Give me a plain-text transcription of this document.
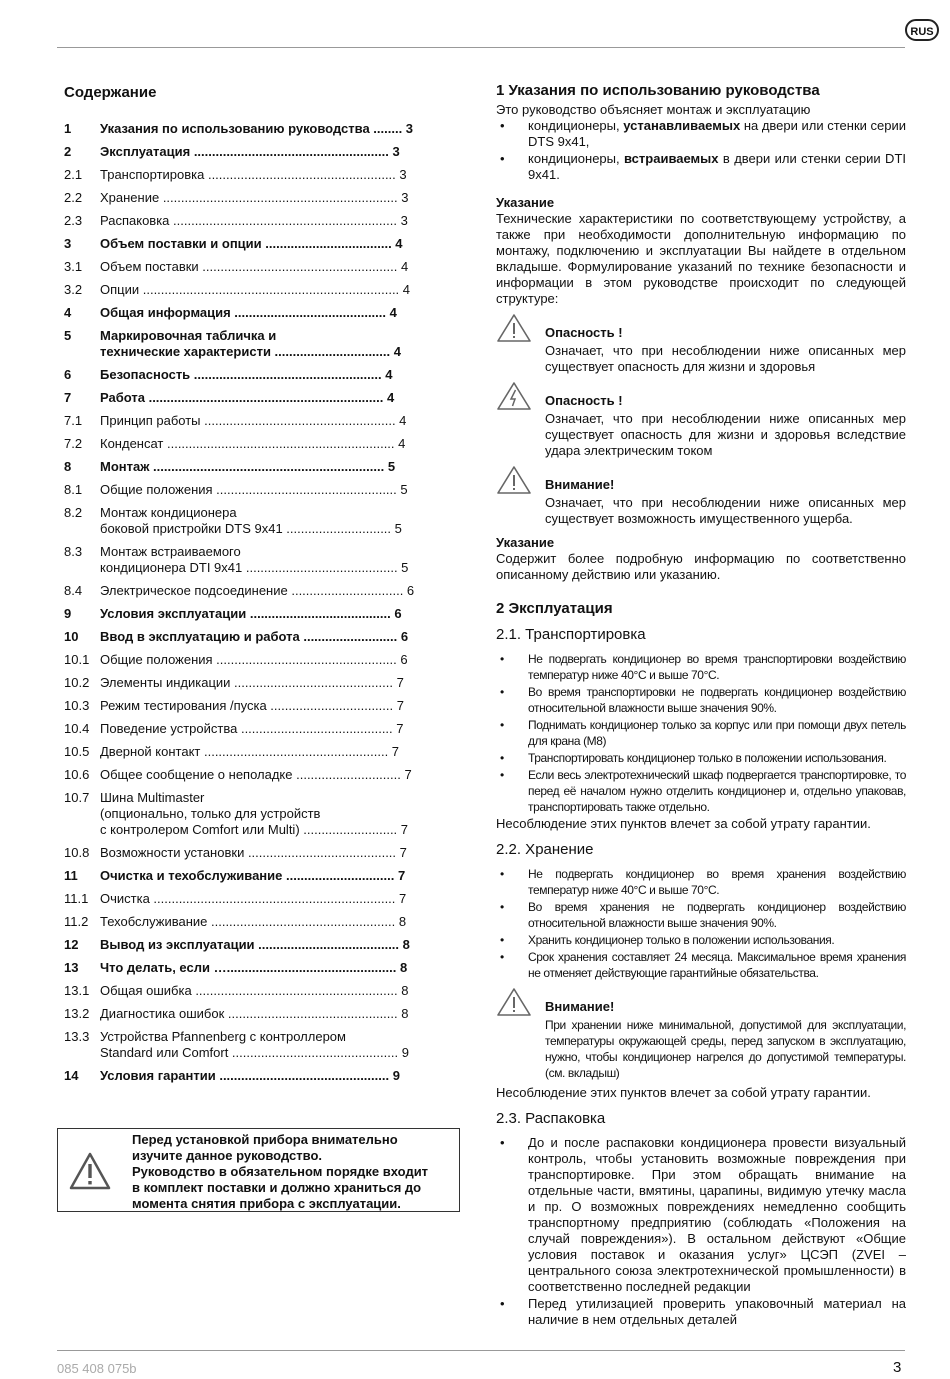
RUS
Содержание
1	Указания по использованию руководства ........ 3
2	Эксплуатация ...................................................... 3
2.1	Транспортировка .................................................... 3
2.2	Хранение ................................................................. 3
2.3	Распаковка .............................................................. 3
3	Объем поставки и опции ................................... 4
3.1	Объем поставки ...................................................... 4
3.2	Опции ....................................................................... 4
4	Общая информация .......................................... 4
5	Маркировочная табличка и
технические характеристи ................................ 4
6	Безопасность .................................................... 4
7	Работа ................................................................. 4
7.1	Принцип работы ..................................................... 4
7.2	Конденсат ............................................................... 4
8	Монтаж ................................................................ 5
8.1	Общие положения .................................................. 5
8.2	Монтаж кондиционера
боковой пристройки DTS 9x41 ............................. 5
8.3	Монтаж встраиваемого
кондиционера DTI 9x41 .......................................... 5
8.4	Электрическое подсоединение ............................... 6
9	Условия эксплуатации ....................................... 6
10	Ввод в эксплуатацию и работа .......................... 6
10.1 Общие положения .................................................. 6
10.2 Элементы индикации ............................................ 7
10.3 Режим тестирования /пуска .................................. 7
10.4 Поведение устройства .......................................... 7
10.5 Дверной контакт ................................................... 7
10.6 Общее сообщение о неполадке ............................. 7
10.7 Шина Multimaster
(опционально, только для устройств
с контролером Comfort или Multi) .......................... 7
10.8 Возможности установки ......................................... 7
11	Очистка и техобслуживание .............................. 7
11.1 Очистка ................................................................... 7
11.2 Техобслуживание ................................................... 8
12	Вывод из эксплуатации ....................................... 8
13	Что делать, если …............................................... 8
13.1 Общая ошибка ........................................................ 8
13.2 Диагностика ошибок ............................................... 8
13.3 Устройства Pfannenberg с контроллером
Standard или Comfort .............................................. 9
14	Условия гарантии ............................................... 9
Перед установкой прибора внимательно
изучите данное руководство.
Руководство в обязательном порядке входит
в комплект поставки и должно храниться до
момента снятия прибора с эксплуатации.
1 Указания по использованию руководства

Это руководство объясняет монтаж и эксплуатацию

• кондиционеры, устанавливаемых на двери или стенки серии DTS 9x41,
• кондиционеры, встраиваемых в двери или стенки серии DTI 9x41.

Указание

Технические характеристики по соответствующему устройству, а также при необходимости дополнительную информацию по монтажу, подключению и эксплуатации Вы найдете в отдельном вкладыше. Формулирование указаний по технике безопасности и информации в этом руководстве происходит по следующей структуре:

Опасность !
Означает, что при несоблюдении ниже описанных мер существует опасность для жизни и здоровья
Опасность !
Означает, что при несоблюдении ниже описанных мер существует опасность для жизни и здоровья вследствие удара электрическим током
Внимание!
Означает, что при несоблюдении ниже описанных мер существует возможность имущественного ущерба.

Указание

Содержит более подробную информацию по соответственно описанному действию или указанию.

2 Эксплуатация
2.1. Транспортировка
• Не подвергать кондиционер во время транспортировки воздействию температур ниже 40°C и выше 70°C.
• Во время транспортировки не подвергать кондиционер воздействию относительной влажности выше значения 90%.
• Поднимать кондиционер только за корпус или при помощи двух петель для крана (M8)
• Транспортировать кондиционер только в положении использования.
• Если весь электротехнический шкаф подвергается транспортировке, то перед её началом нужно отделить кондиционер и, отдельно упаковав, транспортировать также отдельно.

Несоблюдение этих пунктов влечет за собой утрату гарантии.

2.2. Хранение
• Не подвергать кондиционер во время хранения воздействию температур ниже 40°C и выше 70°C.
• Во время хранения не подвергать кондиционер воздействию относительной влажности выше значения 90%.
• Хранить кондиционер только в положении использования.
• Срок хранения составляет 24 месяца. Максимальное время хранения не отменяет действующие гарантийные обязательства.
Внимание!
При хранении ниже минимальной, допустимой для эксплуатации, температуры окружающей среды, перед запуском в эксплуатацию, нужно, чтобы кондиционер нагрелся до допустимой температуры. (см. вкладыш)

Несоблюдение этих пунктов влечет за собой утрату гарантии.

2.3. Распаковка
• До и после распаковки кондиционера провести визуальный контроль, чтобы установить возможные повреждения при транспортировке. При этом обращать внимание на отдельные части, вмятины, царапины, видимую утечку масла и пр. О возможных повреждениях немедленно сообщить транспортному предприятию (соблюдать «Положения на случай повреждения»). В остальном действуют «Общие условия поставок и оказания услуг» ЦСЭП (ZVEI – центрального союза электротехнической промышленности) в соответственно последней редакции
• Перед утилизацией проверить упаковочный материал на наличие в нем отдельных деталей
085 408 075b	3
